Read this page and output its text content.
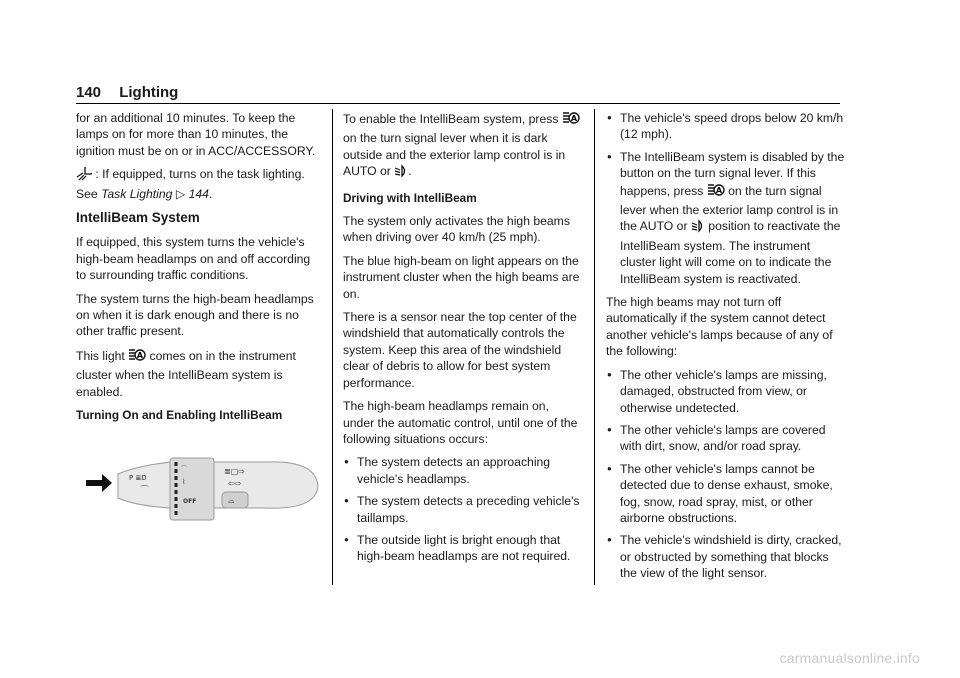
140 Lighting

for an additional 10 minutes. To keep the lamps on for more than 10 minutes, the ignition must be on or in ACC/ACCESSORY.

: If equipped, turns on the task lighting. See Task Lighting ▷ 144.

IntelliBeam System

If equipped, this system turns the vehicle's high-beam headlamps on and off according to surrounding traffic conditions.

The system turns the high-beam headlamps on when it is dark enough and there is no other traffic present.

This light A comes on in the instrument cluster when the IntelliBeam system is enabled.

Turning On and Enabling IntelliBeam

P ≣D
⌒
⌒
⌇
OFF
≣▢⇨
⇦⇨
⌓

To enable the IntelliBeam system, press A
on the turn signal lever when it is dark outside and the exterior lamp control is in AUTO or .

Driving with IntelliBeam

The system only activates the high beams when driving over 40 km/h (25 mph).

The blue high-beam on light appears on the instrument cluster when the high beams are on.

There is a sensor near the top center of the windshield that automatically controls the system. Keep this area of the windshield clear of debris to allow for best system performance.

The high-beam headlamps remain on, under the automatic control, until one of the following situations occurs:

● The system detects an approaching vehicle's headlamps.
● The system detects a preceding vehicle's taillamps.
● The outside light is bright enough that high-beam headlamps are not required.
● The vehicle's speed drops below 20 km/h (12 mph).
● The IntelliBeam system is disabled by the button on the turn signal lever. If this happens, press A on the turn signal lever when the exterior lamp control is in the AUTO or  position to reactivate the IntelliBeam system. The instrument cluster light will come on to indicate the IntelliBeam system is reactivated.

The high beams may not turn off automatically if the system cannot detect another vehicle's lamps because of any of the following:

● The other vehicle's lamps are missing, damaged, obstructed from view, or otherwise undetected.
● The other vehicle's lamps are covered with dirt, snow, and/or road spray.
● The other vehicle's lamps cannot be detected due to dense exhaust, smoke, fog, snow, road spray, mist, or other airborne obstructions.
● The vehicle's windshield is dirty, cracked, or obstructed by something that blocks the view of the light sensor.
carmanualsonline.info
